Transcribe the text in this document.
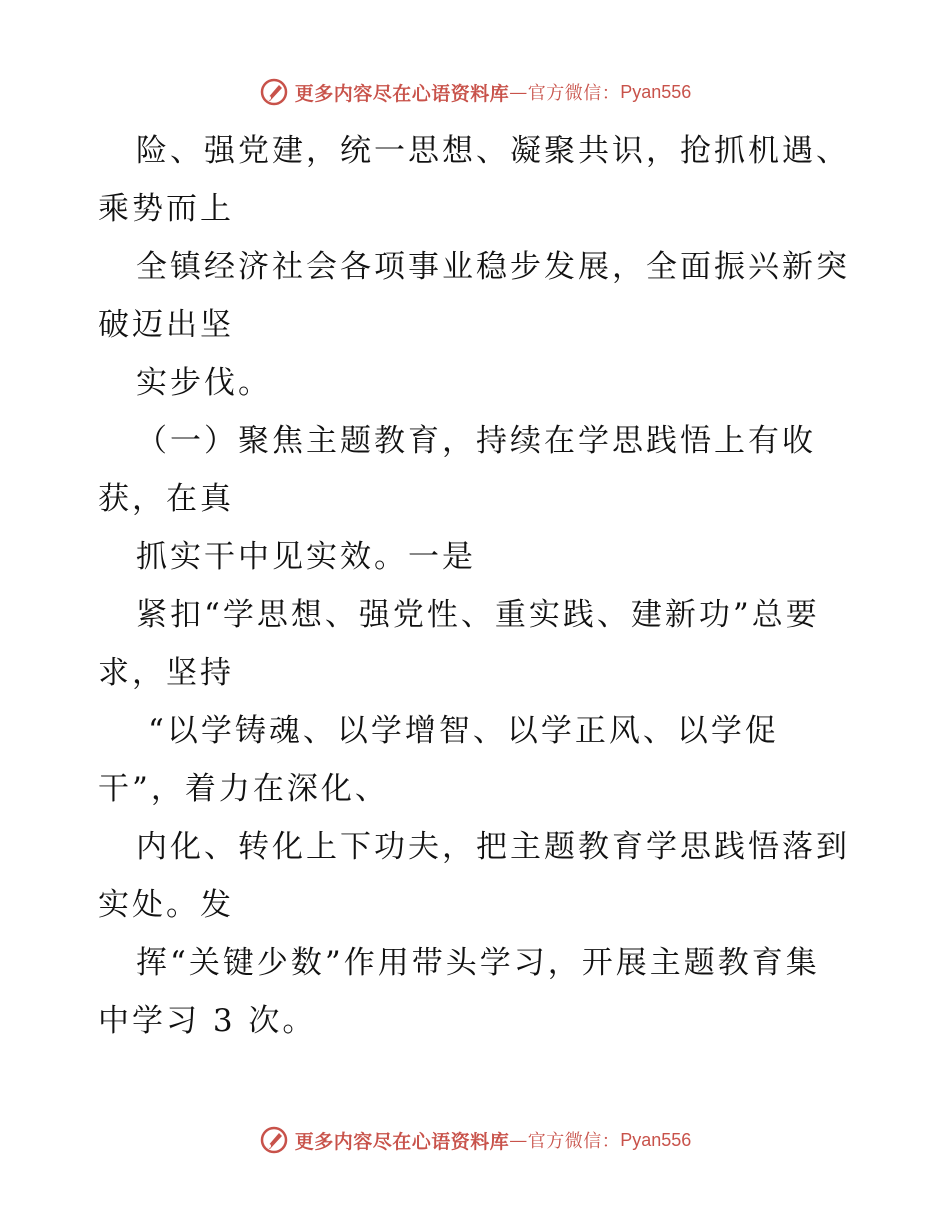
更多内容尽在心语资料库 — 官方微信： Pyan556
险、强党建，统一思想、凝聚共识，抢抓机遇、
乘势而上
全镇经济社会各项事业稳步发展，全面振兴新突
破迈出坚
实步伐。
（一）聚焦主题教育，持续在学思践悟上有收
获，在真
抓实干中见实效。一是
紧扣“学思想、强党性、重实践、建新功”总要
求，坚持
“以学铸魂、以学增智、以学正风、以学促
干”，着力在深化、
内化、转化上下功夫，把主题教育学思践悟落到
实处。发
挥“关键少数”作用带头学习，开展主题教育集
中学习 3 次。
更多内容尽在心语资料库 — 官方微信： Pyan556
